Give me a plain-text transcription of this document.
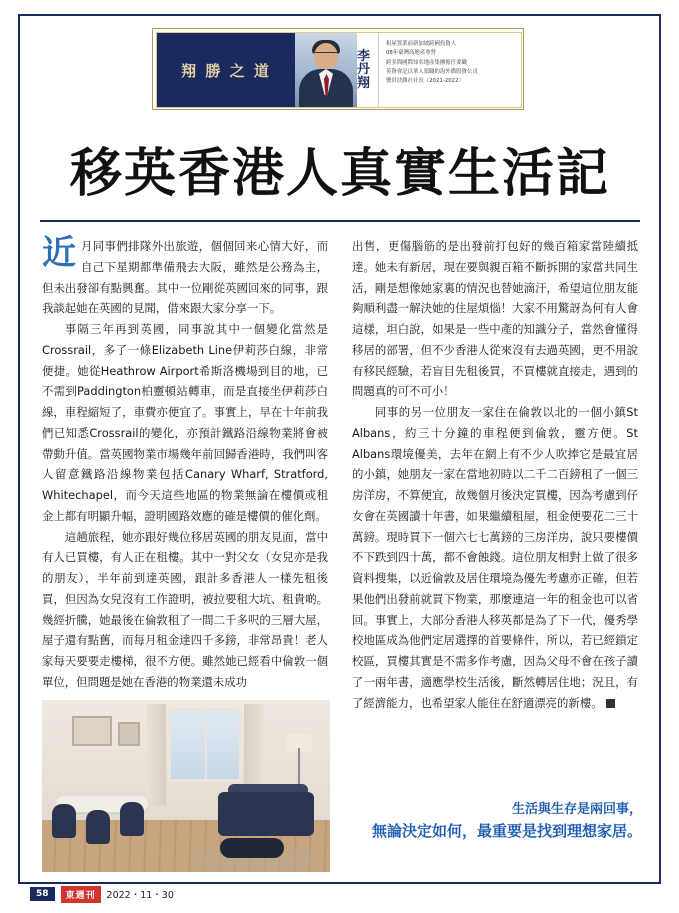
翔 勝 之 道
李 丹 翔
租屋置業前新加坡跨國投資人
08年臺灣高地產專營
跨多間國際知名地產集團擔任要職
英資會記以華人領職的海外僑股資公司
鹽員扶雜社社長（2021-2022）
移英香港人真實生活記

近月同事們排隊外出旅遊，個個回来心情大好，而自己下星期都準備飛去大阪，雖然是公務為主，但未出發卻有點興奮。其中一位剛從英國回來的同事，跟我談起她在英國的見聞，借來跟大家分享一下。

事隔三年再到英國，同事說其中一個變化當然是Crossrail，多了一條Elizabeth Line伊莉莎白線，非常便捷。她從Heathrow Airport希斯洛機場到目的地，已不需到Paddington柏靈頓站轉車，而是直接坐伊莉莎白線，車程縮短了，車費亦便宜了。事實上，早在十年前我們已知悉Crossrail的變化，亦預計鐵路沿線物業將會被帶動升值。當英國物業市場幾年前回歸香港時，我們叫客人留意鐵路沿線物業包括Canary Wharf, Stratford, Whitechapel，而今天這些地區的物業無論在樓價或租金上都有明顯升幅，證明國路效應的確是樓價的催化劑。

這趟旅程，她亦跟好幾位移居英國的朋友見面，當中有人已買樓，有人正在租樓。其中一對父女（女兒亦是我的朋友），半年前到達英國，跟計多香港人一樣先租後買，但因為女兒沒有工作證明，被拉要租大坑、租貴啲。幾經折騰，她最後在倫敦租了一間二千多呎的三層大屋，屋子還有點舊，而每月租金達四千多鎊，非常昂貴！老人家每天要要走樓梯，很不方便。雖然她已經看中倫敦一個單位，但問題是她在香港的物業還未成功

出售，更傷腦筋的是出發前打包好的幾百箱家當陸續抵達。她未有新居，現在要與親百箱不斷拆開的家當共同生活，剛是想像她家裏的情況也替她滴汗，希望這位朋友能夠順利盡一解決她的住屋煩惱！大家不用驚訝為何有人會這樣，坦白說，如果是一些中產的知識分子，當然會懂得移居的部署，但不少香港人從來沒有去過英國，更不用說有移民經驗，若盲目先租後買，不買樓就直接走，遇到的問題真的可不可小！

同事的另一位朋友一家住在倫敦以北的一個小鎮St Albans，約三十分鐘的車程便到倫敦，靈方便。St Albans環境優美，去年在網上有不少人吹捧它是最宜居的小鎮，她朋友一家在當地初時以二千二百鎊租了一個三房洋房，不算便宜，故幾個月後決定買樓，因為考慮到仔女會在英國讀十年書，如果繼續租屋，租金便要花二三十萬鎊。現時買下一個六七七萬鎊的三房洋房，說只要樓價不下跌到四十萬，都不會蝕錢。這位朋友相對上做了很多資料搜集，以近倫敦及居住環境為優先考慮亦正確，但若果他們出發前就買下物業，那麼連這一年的租金也可以省回。事實上，大部分香港人移英都是為了下一代，優秀學校地區成為他們定居選擇的首要條件，所以，若已經鎖定校區，買樓其實是不需多作考慮，因為父母不會在孩子讀了一兩年書，適應學校生活後，斷然轉居住地；況且，有了經濟能力，也希望家人能住在舒適漂亮的新樓。	文

生活與生存是兩回事，
無論決定如何，最重要是找到理想家居。
58	東週刊	2022・11・30
